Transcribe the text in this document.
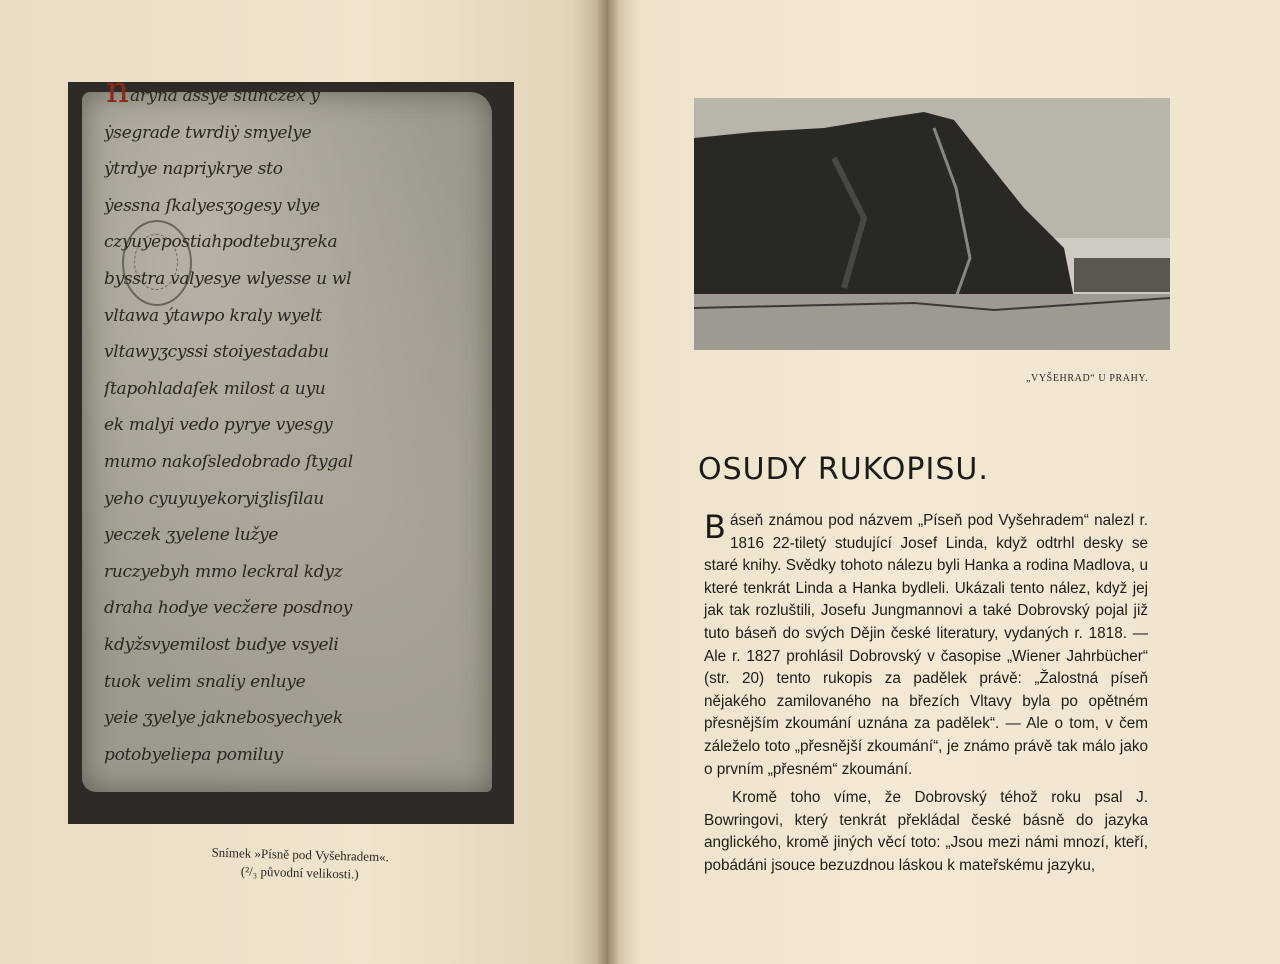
n aŕyna aššye slunczex ẏ
ẏsegrade twrdiẏ smyelye
ẏtrdye napriykrye sto
ẏessna ſkalyesʒogesy vlye
czyuyepostiahpodtebuʒreka
bysstra valyesye wlyesse u wl
vltawa ýtawpo kraly wyelt
vltawyʒcyssi stoiyestadabu
ſtapohladaſek milost a uyu
ek malyi vedo pyrye vyesgy
mumo nakoſsledobrado ſtygal
yeho cyuyuyekoryiʒlisſilau
yeczek ʒyelene lužye
ruczyebyh mmo leckral kdyz
draha hodye vecžere posdnoy
kdyžsvyemilost budye vsyeli
tuok velim snaliy enluye
yeie ʒyelye jaknebosyechyek
potobyeliepa pomiluy
Snímek »Písně pod Vyšehradem«.
(²/₃ původní velikosti.)
„VYŠEHRAD“ U PRAHY.
OSUDY RUKOPISU.

Báseň známou pod názvem „Píseň pod Vyšehradem“ nalezl r. 1816 22-tiletý studující Josef Linda, když odtrhl desky se staré knihy. Svědky tohoto nálezu byli Hanka a rodina Madlova, u které tenkrát Linda a Hanka bydleli. Ukázali tento nález, když jej jak tak rozluštili, Josefu Jungmannovi a také Dobrovský pojal již tuto báseň do svých Dějin české literatury, vydaných r. 1818. — Ale r. 1827 prohlásil Dobrovský v časopise „Wiener Jahrbücher“ (str. 20) tento rukopis za padělek právě: „Žalostná píseň nějakého zamilovaného na březích Vltavy byla po opětném přesnějším zkoumání uznána za padělek“. — Ale o tom, v čem záleželo toto „přesnější zkoumání“, je známo právě tak málo jako o prvním „přesném“ zkoumání.

Kromě toho víme, že Dobrovský téhož roku psal J. Bowringovi, který tenkrát překládal české básně do jazyka anglického, kromě jiných věcí toto: „Jsou mezi námi mnozí, kteří, pobádáni jsouce bezuzdnou láskou k mateřskému jazyku,
